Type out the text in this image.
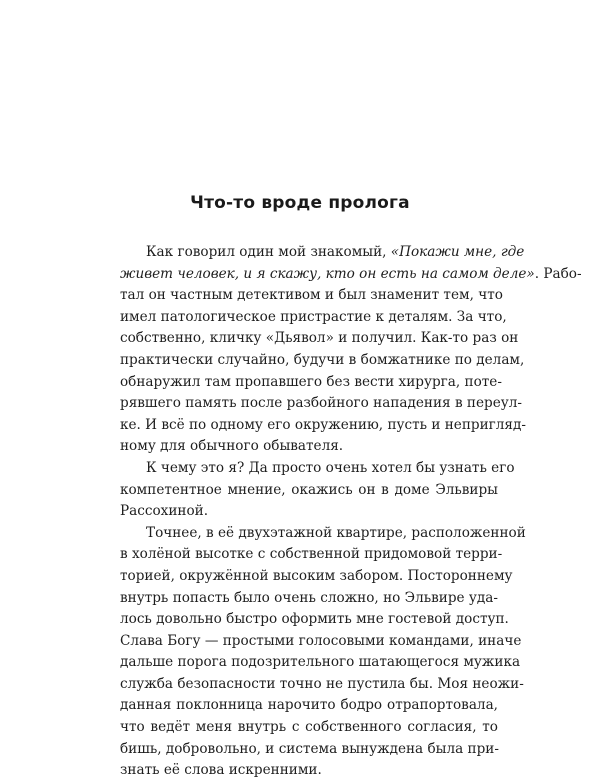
Что-то вроде пролога
Как говорил один мой знакомый, «Покажи мне, где
живет человек, и я скажу, кто он есть на самом деле». Рабо-
тал он частным детективом и был знаменит тем, что
имел патологическое пристрастие к деталям. За что,
собственно, кличку «Дьявол» и получил. Как-то раз он
практически случайно, будучи в бомжатнике по делам,
обнаружил там пропавшего без вести хирурга, поте-
рявшего память после разбойного нападения в переул-
ке. И всё по одному его окружению, пусть и непригляд-
ному для обычного обывателя.
К чему это я? Да просто очень хотел бы узнать его
компетентное мнение, окажись он в доме Эльвиры
Рассохиной.
Точнее, в её двухэтажной квартире, расположенной
в холёной высотке с собственной придомовой терри-
торией, окружённой высоким забором. Постороннему
внутрь попасть было очень сложно, но Эльвире уда-
лось довольно быстро оформить мне гостевой доступ.
Слава Богу — простыми голосовыми командами, иначе
дальше порога подозрительного шатающегося мужика
служба безопасности точно не пустила бы. Моя неожи-
данная поклонница нарочито бодро отрапортовала,
что ведёт меня внутрь с собственного согласия, то
бишь, добровольно, и система вынуждена была при-
знать её слова искренними.
